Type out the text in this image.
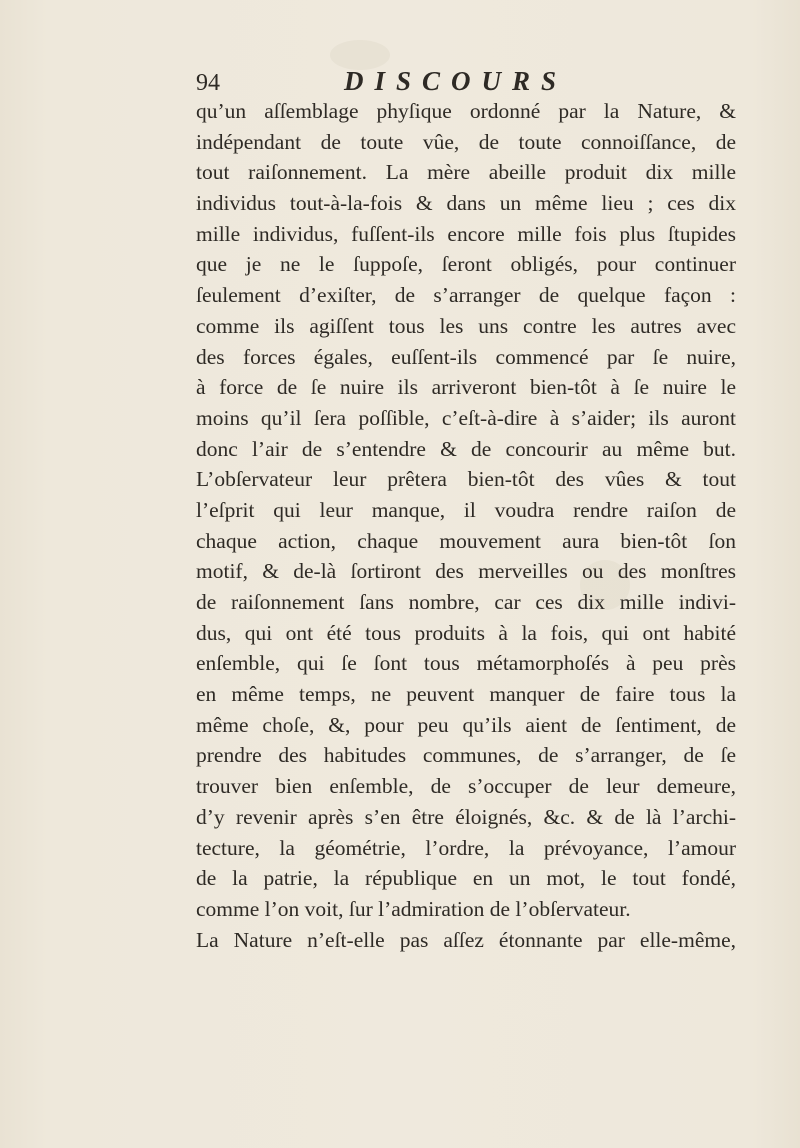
94	DISCOURS
qu’un aſſemblage phyſique ordonné par la Nature, &
indépendant de toute vûe, de toute connoiſſance, de
tout raiſonnement. La mère abeille produit dix mille
individus tout-à-la-fois & dans un même lieu ; ces dix
mille individus, fuſſent-ils encore mille fois plus ſtupides
que je ne le ſuppoſe, ſeront obligés, pour continuer
ſeulement d’exiſter, de s’arranger de quelque façon :
comme ils agiſſent tous les uns contre les autres avec
des forces égales, euſſent-ils commencé par ſe nuire,
à force de ſe nuire ils arriveront bien-tôt à ſe nuire le
moins qu’il ſera poſſible, c’eſt-à-dire à s’aider; ils auront
donc l’air de s’entendre & de concourir au même but.
L’obſervateur leur prêtera bien-tôt des vûes & tout
l’eſprit qui leur manque, il voudra rendre raiſon de
chaque action, chaque mouvement aura bien-tôt ſon
motif, & de-là ſortiront des merveilles ou des monſtres
de raiſonnement ſans nombre, car ces dix mille indivi-
dus, qui ont été tous produits à la fois, qui ont habité
enſemble, qui ſe ſont tous métamorphoſés à peu près
en même temps, ne peuvent manquer de faire tous la
même choſe, &, pour peu qu’ils aient de ſentiment, de
prendre des habitudes communes, de s’arranger, de ſe
trouver bien enſemble, de s’occuper de leur demeure,
d’y revenir après s’en être éloignés, &c. & de là l’archi-
tecture, la géométrie, l’ordre, la prévoyance, l’amour
de la patrie, la république en un mot, le tout fondé,
comme l’on voit, ſur l’admiration de l’obſervateur.
La Nature n’eſt-elle pas aſſez étonnante par elle-même,
